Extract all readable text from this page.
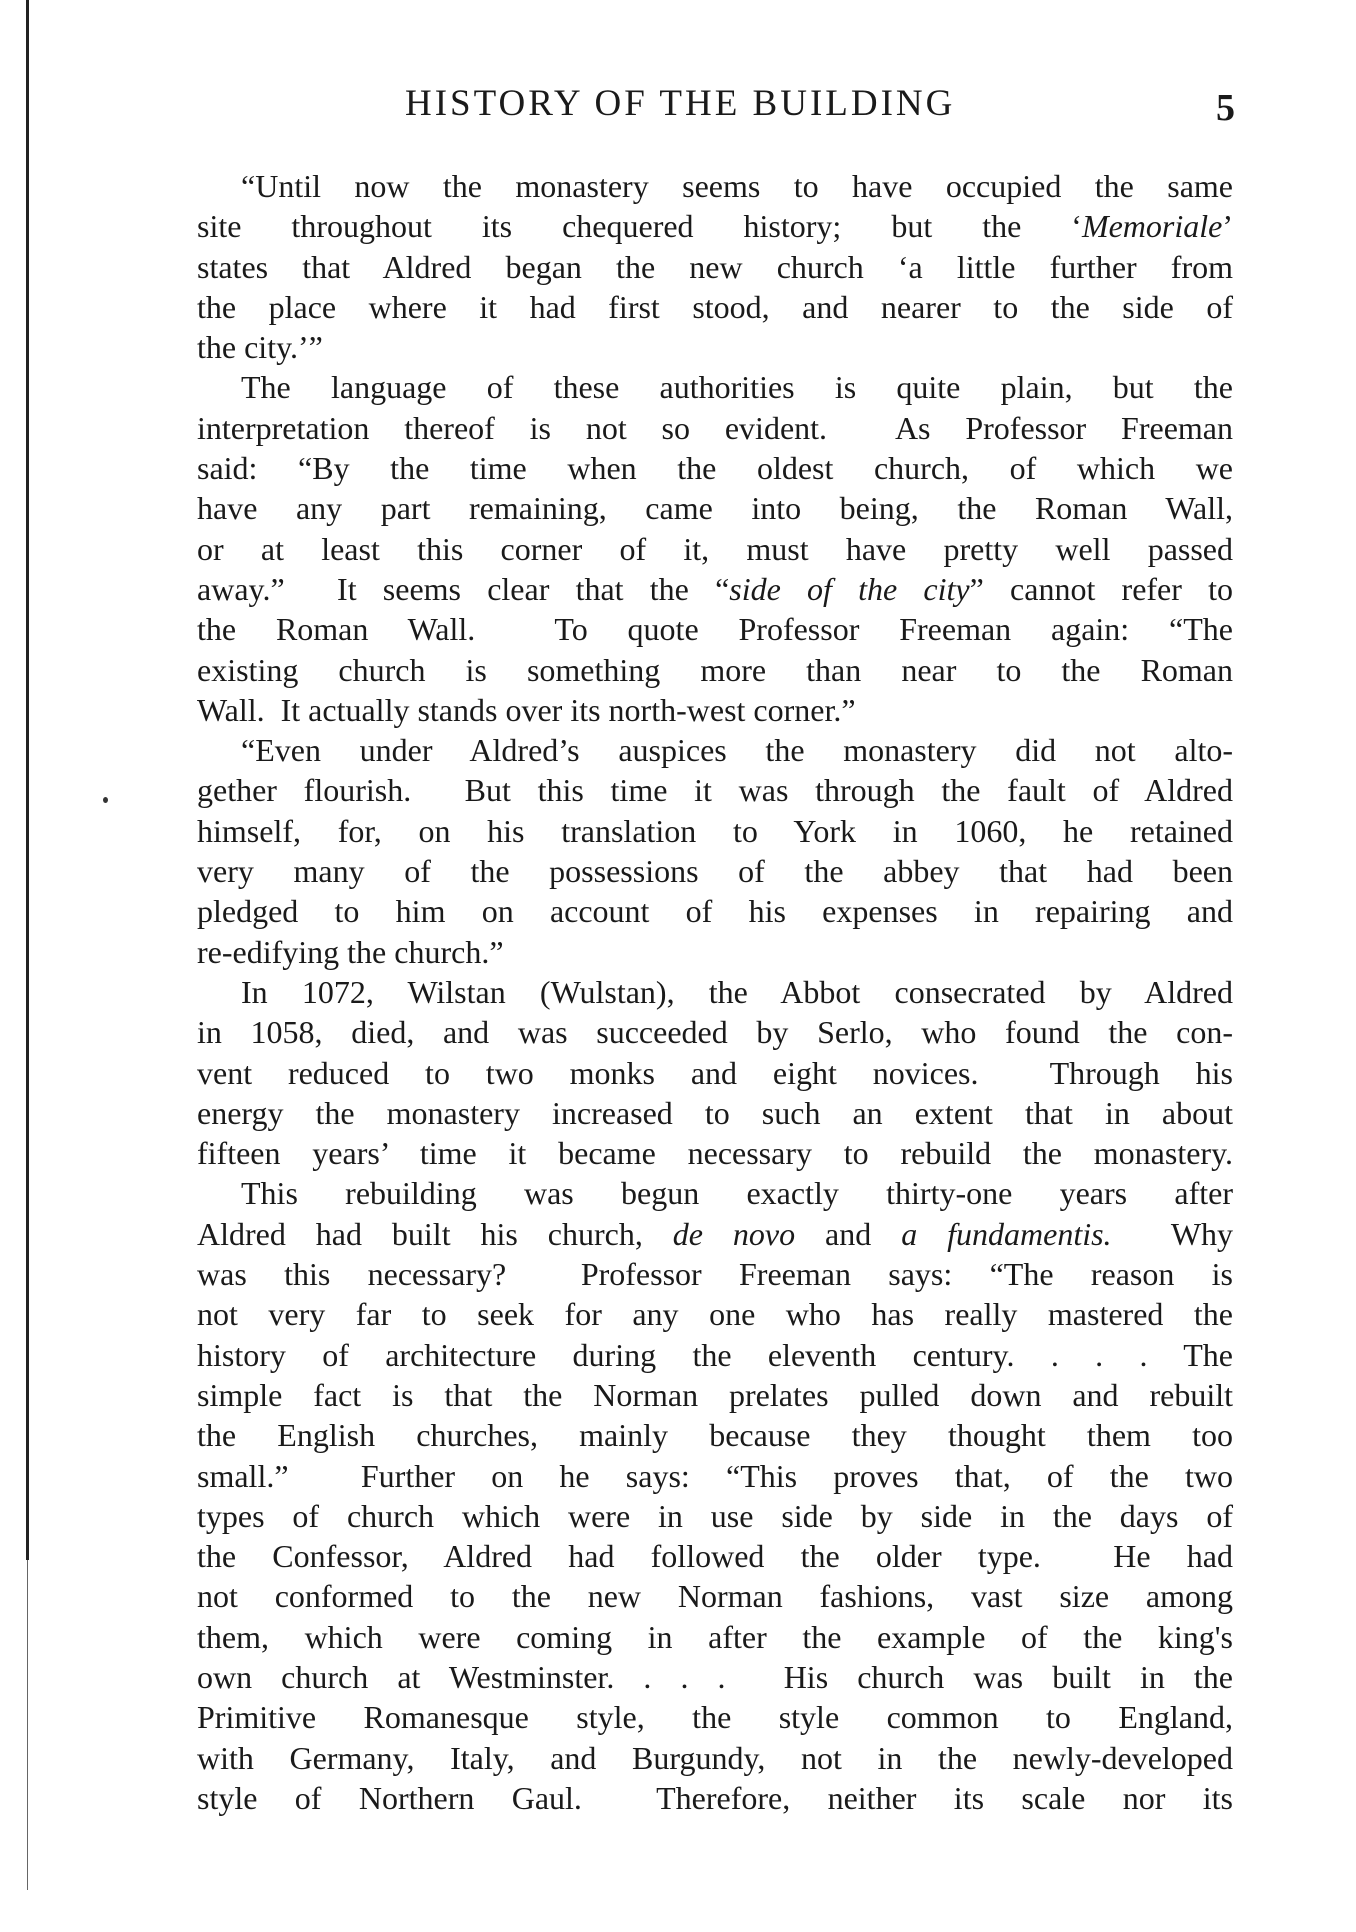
HISTORY OF THE BUILDING	5
“Until now the monastery seems to have occupied the same
site throughout its chequered history; but the ‘Memoriale’
states that Aldred began the new church ‘a little further from
the place where it had first stood, and nearer to the side of
the city.’”
The language of these authorities is quite plain, but the
interpretation thereof is not so evident.  As Professor Freeman
said: “By the time when the oldest church, of which we
have any part remaining, came into being, the Roman Wall,
or at least this corner of it, must have pretty well passed
away.”  It seems clear that the “side of the city” cannot refer to
the Roman Wall.  To quote Professor Freeman again: “The
existing church is something more than near to the Roman
Wall.  It actually stands over its north-west corner.”
“Even under Aldred’s auspices the monastery did not alto-
gether flourish.  But this time it was through the fault of Aldred
himself, for, on his translation to York in 1060, he retained
very many of the possessions of the abbey that had been
pledged to him on account of his expenses in repairing and
re-edifying the church.”
In 1072, Wilstan (Wulstan), the Abbot consecrated by Aldred
in 1058, died, and was succeeded by Serlo, who found the con-
vent reduced to two monks and eight novices.  Through his
energy the monastery increased to such an extent that in about
fifteen years’ time it became necessary to rebuild the monastery.
This rebuilding was begun exactly thirty-one years after
Aldred had built his church, de novo and a fundamentis.  Why
was this necessary?  Professor Freeman says: “The reason is
not very far to seek for any one who has really mastered the
history of architecture during the eleventh century. . . . The
simple fact is that the Norman prelates pulled down and rebuilt
the English churches, mainly because they thought them too
small.”  Further on he says: “This proves that, of the two
types of church which were in use side by side in the days of
the Confessor, Aldred had followed the older type.  He had
not conformed to the new Norman fashions, vast size among
them, which were coming in after the example of the king's
own church at Westminster. . . .  His church was built in the
Primitive Romanesque style, the style common to England,
with Germany, Italy, and Burgundy, not in the newly-developed
style of Northern Gaul.  Therefore, neither its scale nor its
